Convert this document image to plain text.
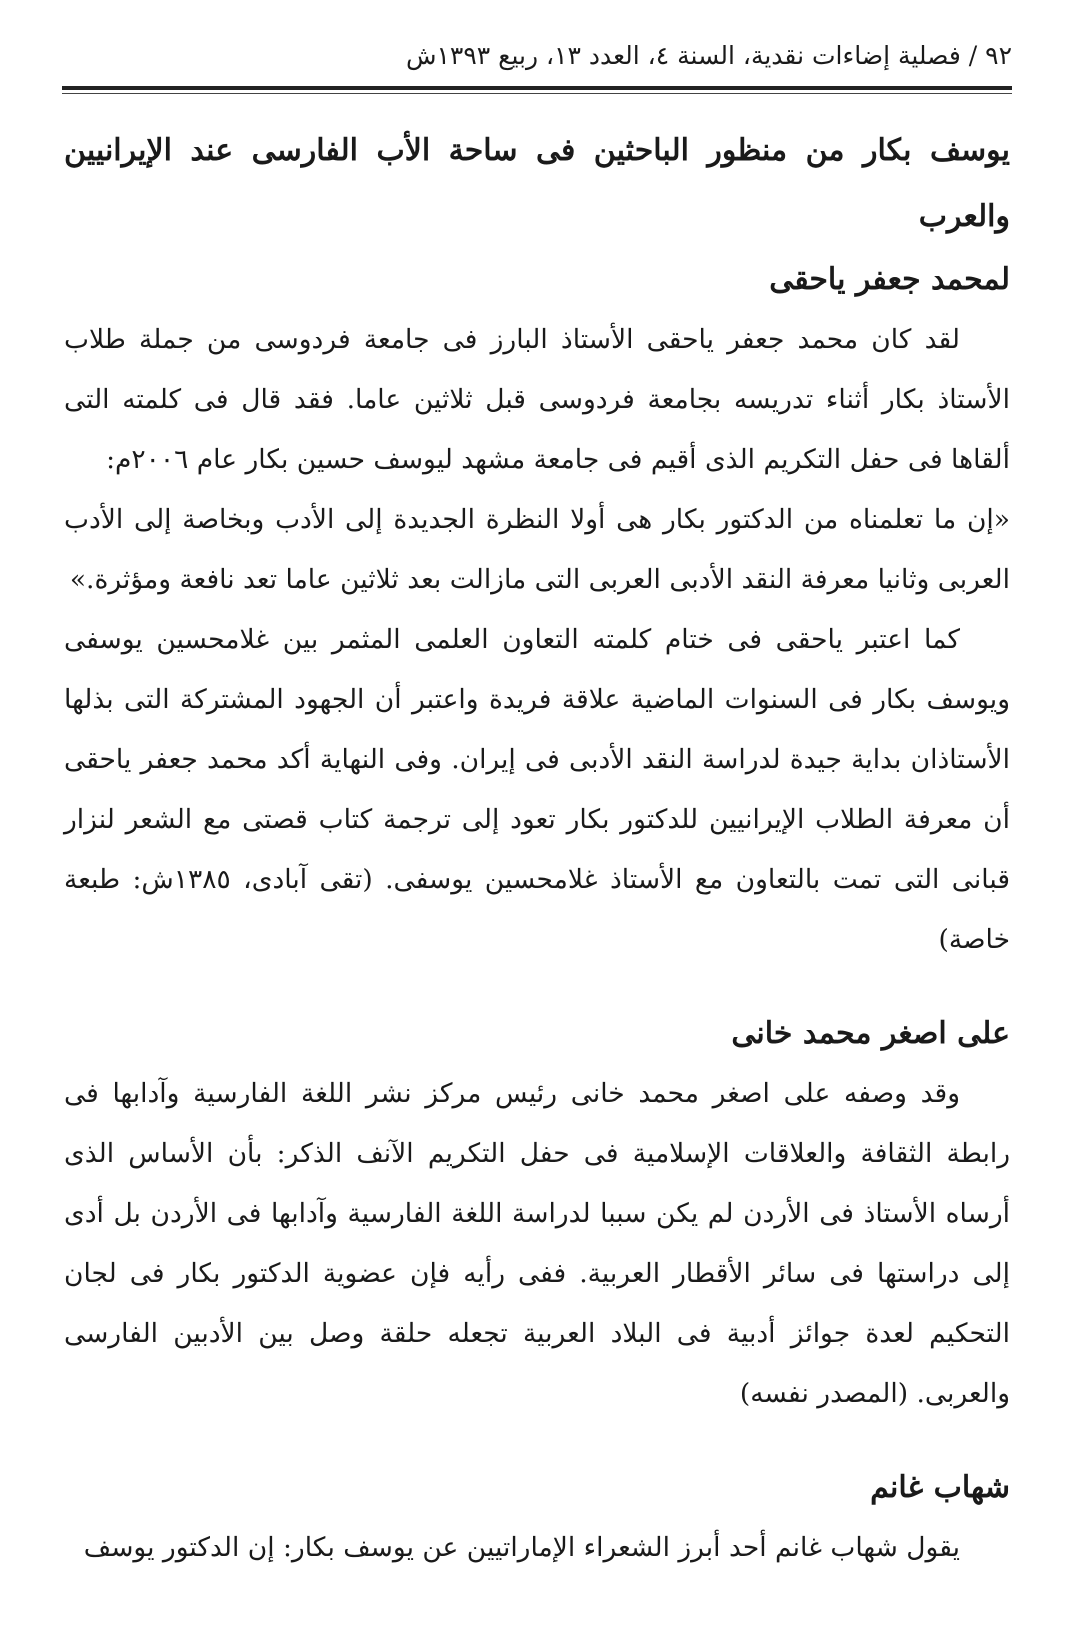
٩٢ / فصلية إضاءات نقدية، السنة ٤، العدد ١٣، ربيع ١٣٩٣ش
يوسف بكار من منظور الباحثين فى ساحة الأب الفارسى عند الإيرانيين والعرب
لمحمد جعفر ياحقى

لقد كان محمد جعفر ياحقى الأستاذ البارز فى جامعة فردوسى من جملة طلاب الأستاذ بكار أثناء تدريسه بجامعة فردوسى قبل ثلاثين عاما. فقد قال فى كلمته التى ألقاها فى حفل التكريم الذى أقيم فى جامعة مشهد ليوسف حسين بكار عام ٢٠٠٦م:

«إن ما تعلمناه من الدكتور بكار هى أولا النظرة الجديدة إلى الأدب وبخاصة إلى الأدب العربى وثانيا معرفة النقد الأدبى العربى التى مازالت بعد ثلاثين عاما تعد نافعة ومؤثرة.»

كما اعتبر ياحقى فى ختام كلمته التعاون العلمى المثمر بين غلامحسين يوسفى ويوسف بكار فى السنوات الماضية علاقة فريدة واعتبر أن الجهود المشتركة التى بذلها الأستاذان بداية جيدة لدراسة النقد الأدبى فى إيران. وفى النهاية أكد محمد جعفر ياحقى أن معرفة الطلاب الإيرانيين للدكتور بكار تعود إلى ترجمة كتاب قصتى مع الشعر لنزار قبانى التى تمت بالتعاون مع الأستاذ غلامحسين يوسفى. (تقى آبادى، ١٣٨٥ش: طبعة خاصة)

على اصغر محمد خانى

وقد وصفه على اصغر محمد خانى رئيس مركز نشر اللغة الفارسية وآدابها فى رابطة الثقافة والعلاقات الإسلامية فى حفل التكريم الآنف الذكر: بأن الأساس الذى أرساه الأستاذ فى الأردن لم يكن سببا لدراسة اللغة الفارسية وآدابها فى الأردن بل أدى إلى دراستها فى سائر الأقطار العربية. ففى رأيه فإن عضوية الدكتور بكار فى لجان التحكيم لعدة جوائز أدبية فى البلاد العربية تجعله حلقة وصل بين الأدبين الفارسى والعربى. (المصدر نفسه)

شهاب غانم

يقول شهاب غانم أحد أبرز الشعراء الإماراتيين عن يوسف بكار: إن الدكتور يوسف
